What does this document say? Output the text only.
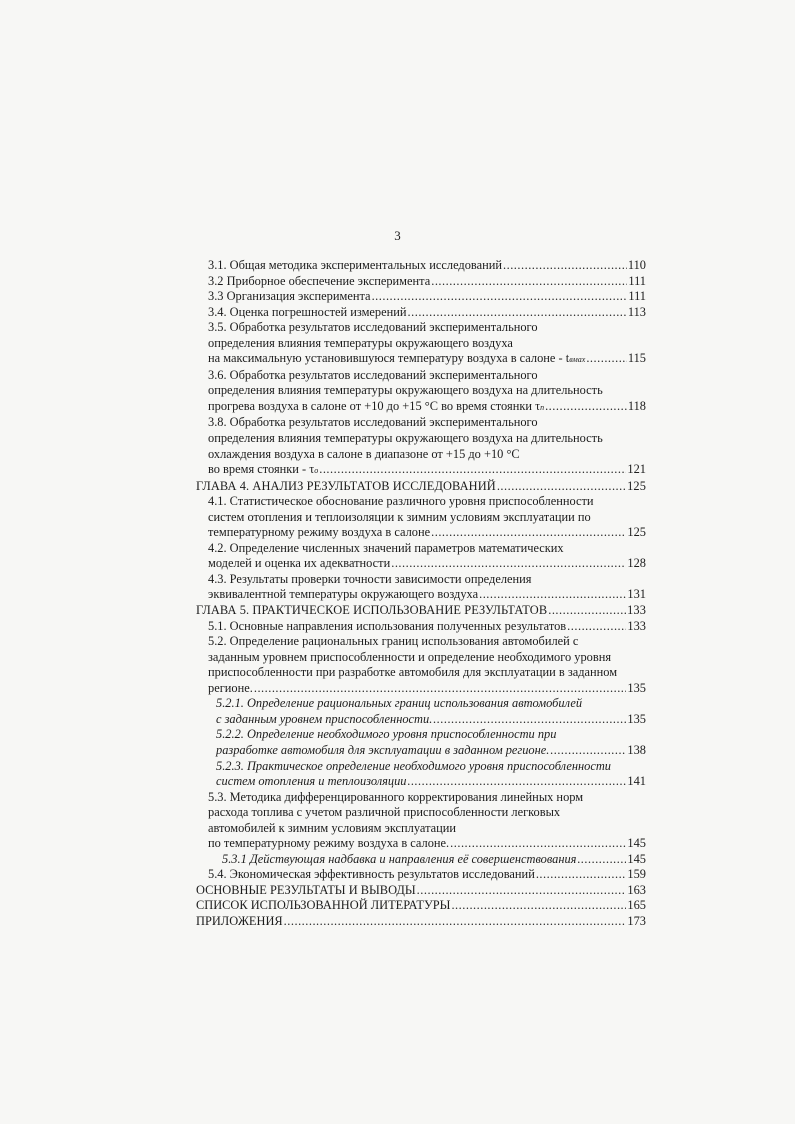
3
3.1. Общая методика экспериментальных исследований .....	110
3.2 Приборное обеспечение эксперимента .....	111
3.3 Организация эксперимента .....	111
3.4. Оценка погрешностей измерений .....	113
3.5. Обработка результатов исследований экспериментального
определения влияния температуры окружающего воздуха
на максимальную установившуюся температуру воздуха в салоне - tвмax .....	115
3.6. Обработка результатов исследований экспериментального
определения влияния температуры окружающего воздуха на длительность
прогрева воздуха в салоне от +10 до +15 °С во время стоянки τп .....	118
3.8. Обработка результатов исследований экспериментального
определения влияния температуры окружающего воздуха на длительность
охлаждения воздуха в салоне в диапазоне от +15 до +10 °С
во время стоянки - τо .....	121
ГЛАВА 4. АНАЛИЗ РЕЗУЛЬТАТОВ ИССЛЕДОВАНИЙ .....	125
4.1. Статистическое обоснование различного уровня приспособленности
систем отопления и теплоизоляции к зимним условиям эксплуатации по
температурному режиму воздуха в салоне .....	125
4.2. Определение численных значений параметров математических
моделей и оценка их адекватности .....	128
4.3. Результаты проверки точности зависимости определения
эквивалентной температуры окружающего воздуха .....	131
ГЛАВА 5. ПРАКТИЧЕСКОЕ ИСПОЛЬЗОВАНИЕ РЕЗУЛЬТАТОВ .....	133
5.1. Основные направления использования полученных результатов .....	133
5.2. Определение рациональных границ использования автомобилей с
заданным уровнем приспособленности и определение необходимого уровня
приспособленности при разработке автомобиля для эксплуатации в заданном
регионе. .....	135
5.2.1. Определение рациональных границ использования автомобилей
с заданным уровнем приспособленности. .....	135
5.2.2. Определение необходимого уровня приспособленности при
разработке автомобиля для эксплуатации в заданном регионе. .....	138
5.2.3. Практическое определение необходимого уровня приспособленности
систем отопления и теплоизоляции .....	141
5.3. Методика дифференцированного корректирования линейных норм
расхода топлива с учетом различной приспособленности легковых
автомобилей к зимним условиям эксплуатации
по температурному режиму воздуха в салоне. .....	145
5.3.1 Действующая надбавка и направления её совершенствования .....	145
5.4. Экономическая эффективность результатов исследований .....	159
ОСНОВНЫЕ РЕЗУЛЬТАТЫ И ВЫВОДЫ .....	163
СПИСОК ИСПОЛЬЗОВАННОЙ ЛИТЕРАТУРЫ .....	165
ПРИЛОЖЕНИЯ .....	173
